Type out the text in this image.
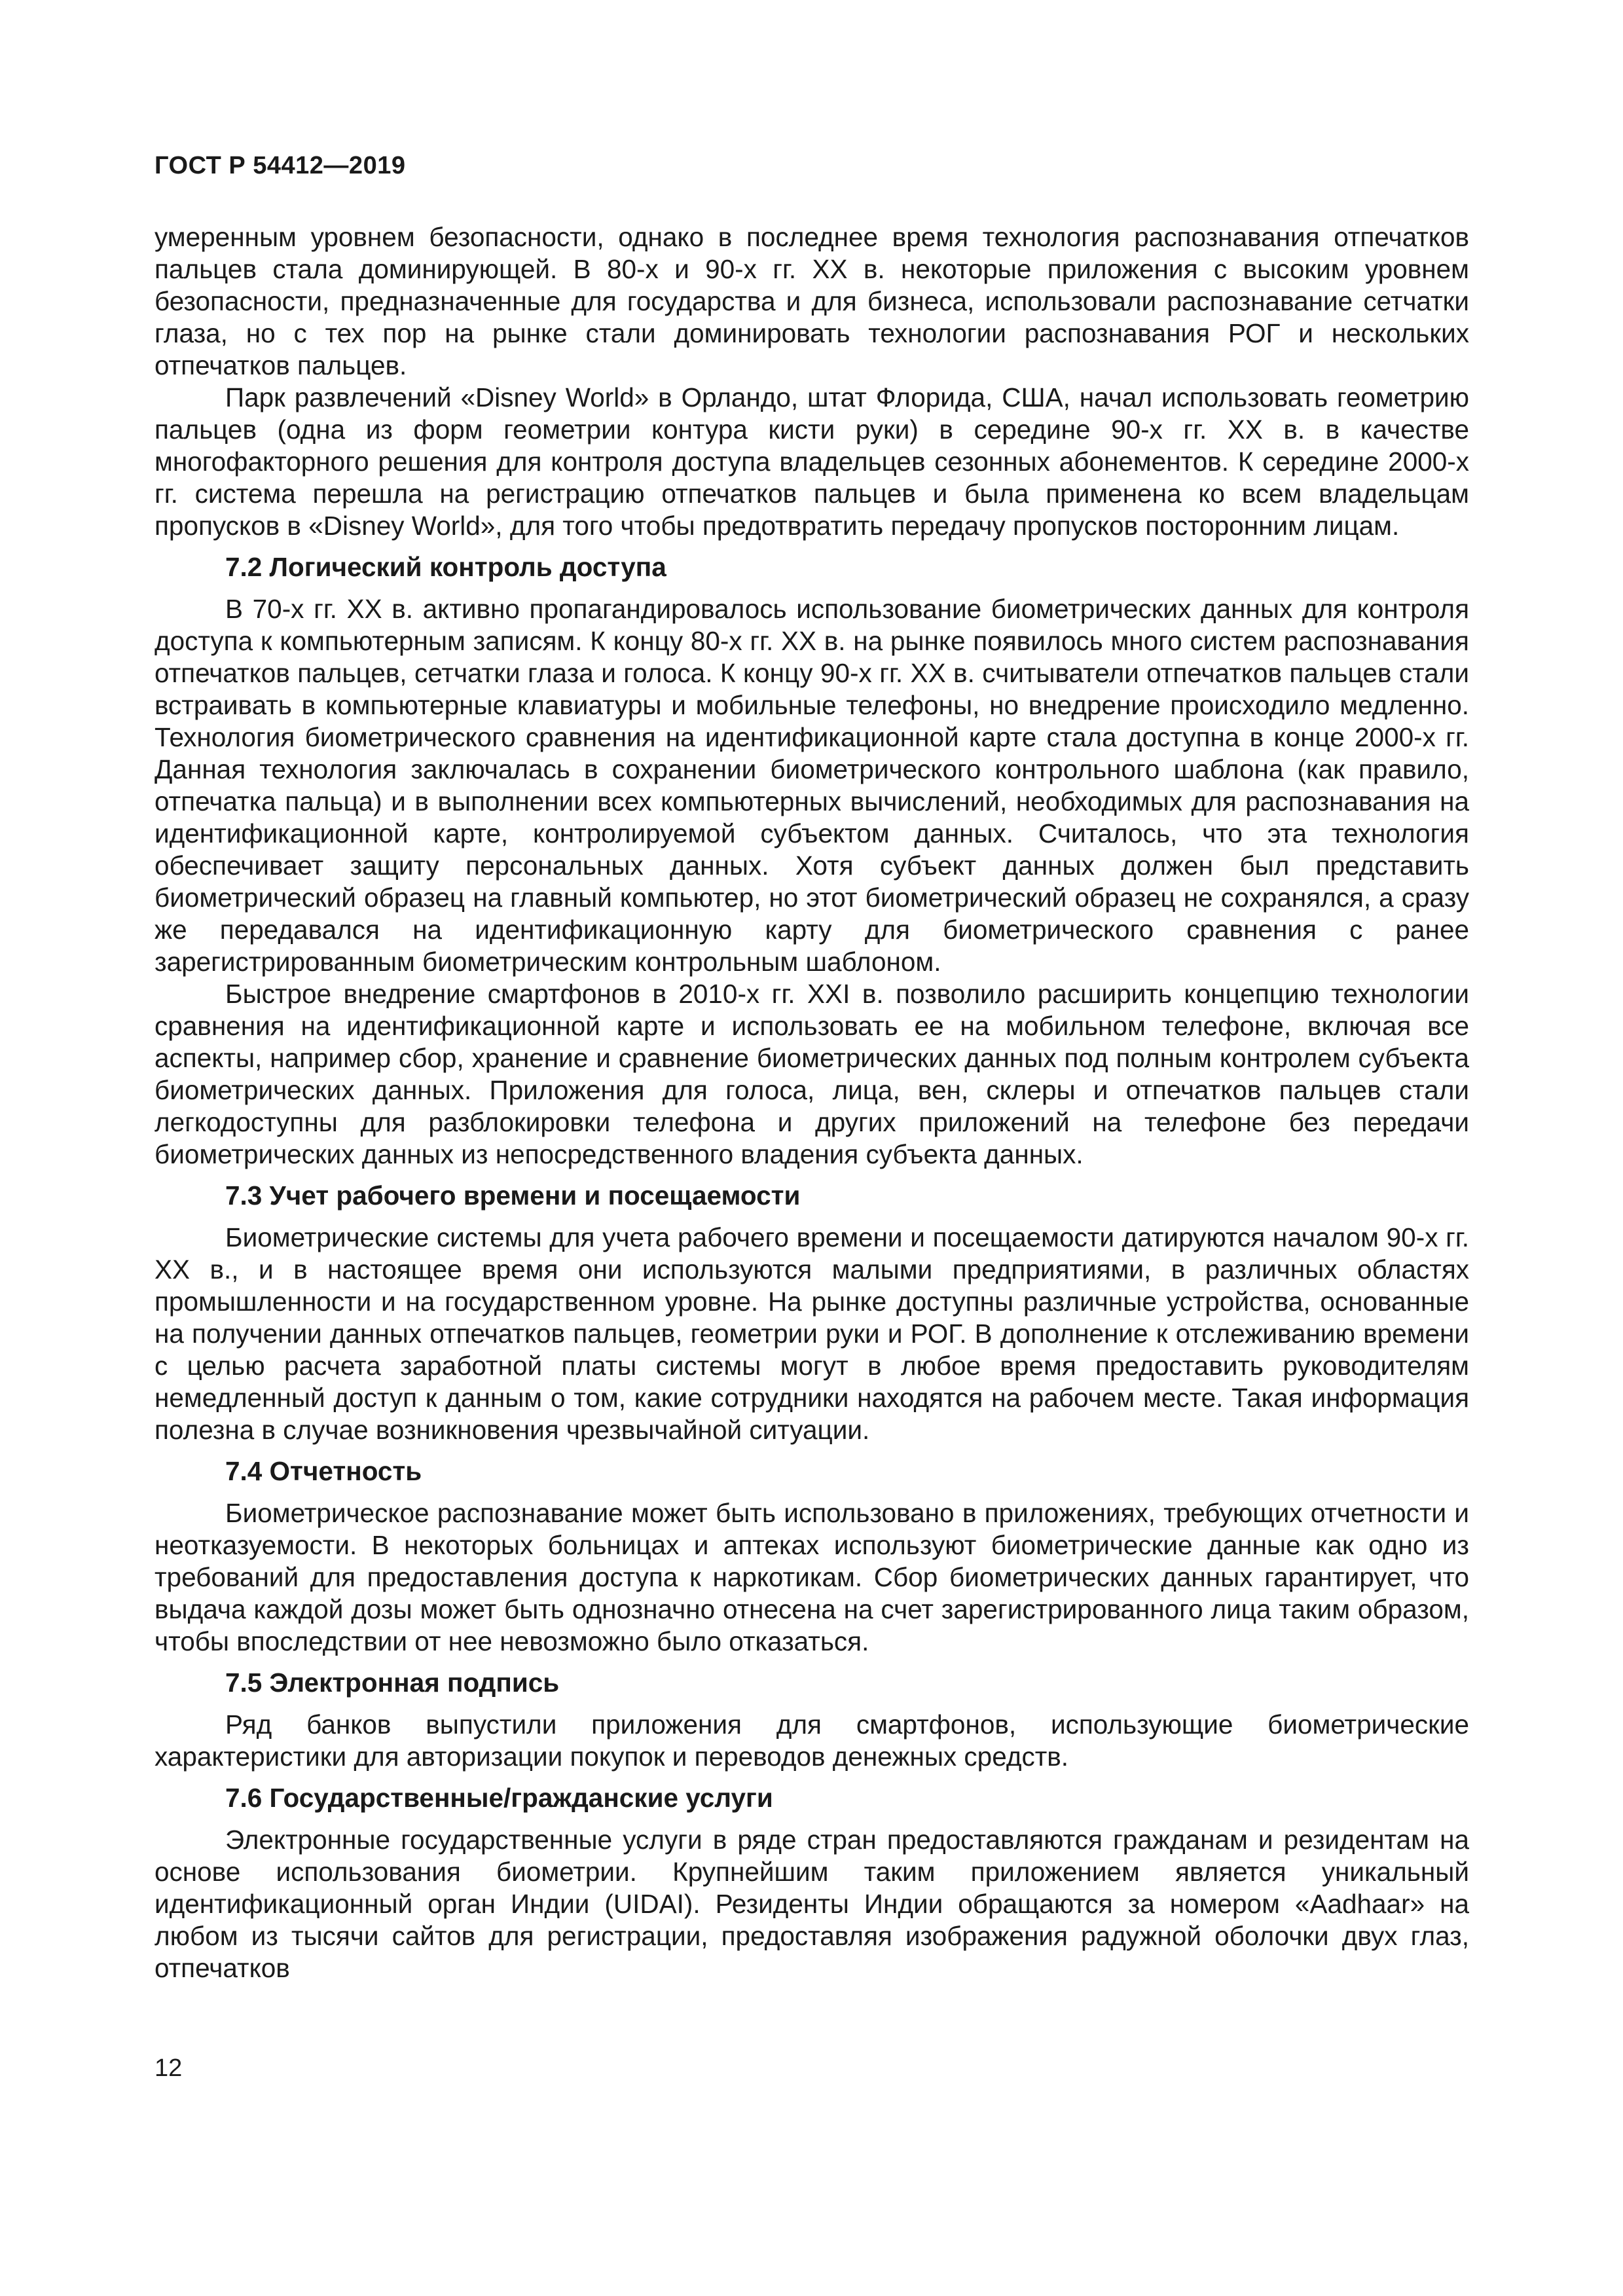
ГОСТ Р 54412—2019

умеренным уровнем безопасности, однако в последнее время технология распознавания отпечатков пальцев стала доминирующей. В 80-х и 90-х гг. XX в. некоторые приложения с высоким уровнем безопасности, предназначенные для государства и для бизнеса, использовали распознавание сетчатки глаза, но с тех пор на рынке стали доминировать технологии распознавания РОГ и нескольких отпечатков пальцев.

Парк развлечений «Disney World» в Орландо, штат Флорида, США, начал использовать геометрию пальцев (одна из форм геометрии контура кисти руки) в середине 90-х гг. XX в. в качестве многофакторного решения для контроля доступа владельцев сезонных абонементов. К середине 2000-х гг. система перешла на регистрацию отпечатков пальцев и была применена ко всем владельцам пропусков в «Disney World», для того чтобы предотвратить передачу пропусков посторонним лицам.

7.2 Логический контроль доступа

В 70-х гг. XX в. активно пропагандировалось использование биометрических данных для контроля доступа к компьютерным записям. К концу 80-х гг. XX в. на рынке появилось много систем распознавания отпечатков пальцев, сетчатки глаза и голоса. К концу 90-х гг. XX в. считыватели отпечатков пальцев стали встраивать в компьютерные клавиатуры и мобильные телефоны, но внедрение происходило медленно. Технология биометрического сравнения на идентификационной карте стала доступна в конце 2000-х гг. Данная технология заключалась в сохранении биометрического контрольного шаблона (как правило, отпечатка пальца) и в выполнении всех компьютерных вычислений, необходимых для распознавания на идентификационной карте, контролируемой субъектом данных. Считалось, что эта технология обеспечивает защиту персональных данных. Хотя субъект данных должен был представить биометрический образец на главный компьютер, но этот биометрический образец не сохранялся, а сразу же передавался на идентификационную карту для биометрического сравнения с ранее зарегистрированным биометрическим контрольным шаблоном.

Быстрое внедрение смартфонов в 2010-х гг. XXI в. позволило расширить концепцию технологии сравнения на идентификационной карте и использовать ее на мобильном телефоне, включая все аспекты, например сбор, хранение и сравнение биометрических данных под полным контролем субъекта биометрических данных. Приложения для голоса, лица, вен, склеры и отпечатков пальцев стали легкодоступны для разблокировки телефона и других приложений на телефоне без передачи биометрических данных из непосредственного владения субъекта данных.

7.3 Учет рабочего времени и посещаемости

Биометрические системы для учета рабочего времени и посещаемости датируются началом 90-х гг. XX в., и в настоящее время они используются малыми предприятиями, в различных областях промышленности и на государственном уровне. На рынке доступны различные устройства, основанные на получении данных отпечатков пальцев, геометрии руки и РОГ. В дополнение к отслеживанию времени с целью расчета заработной платы системы могут в любое время предоставить руководителям немедленный доступ к данным о том, какие сотрудники находятся на рабочем месте. Такая информация полезна в случае возникновения чрезвычайной ситуации.

7.4 Отчетность

Биометрическое распознавание может быть использовано в приложениях, требующих отчетности и неотказуемости. В некоторых больницах и аптеках используют биометрические данные как одно из требований для предоставления доступа к наркотикам. Сбор биометрических данных гарантирует, что выдача каждой дозы может быть однозначно отнесена на счет зарегистрированного лица таким образом, чтобы впоследствии от нее невозможно было отказаться.

7.5 Электронная подпись

Ряд банков выпустили приложения для смартфонов, использующие биометрические характеристики для авторизации покупок и переводов денежных средств.

7.6 Государственные/гражданские услуги

Электронные государственные услуги в ряде стран предоставляются гражданам и резидентам на основе использования биометрии. Крупнейшим таким приложением является уникальный идентификационный орган Индии (UIDAI). Резиденты Индии обращаются за номером «Aadhaar» на любом из тысячи сайтов для регистрации, предоставляя изображения радужной оболочки двух глаз, отпечатков

12
